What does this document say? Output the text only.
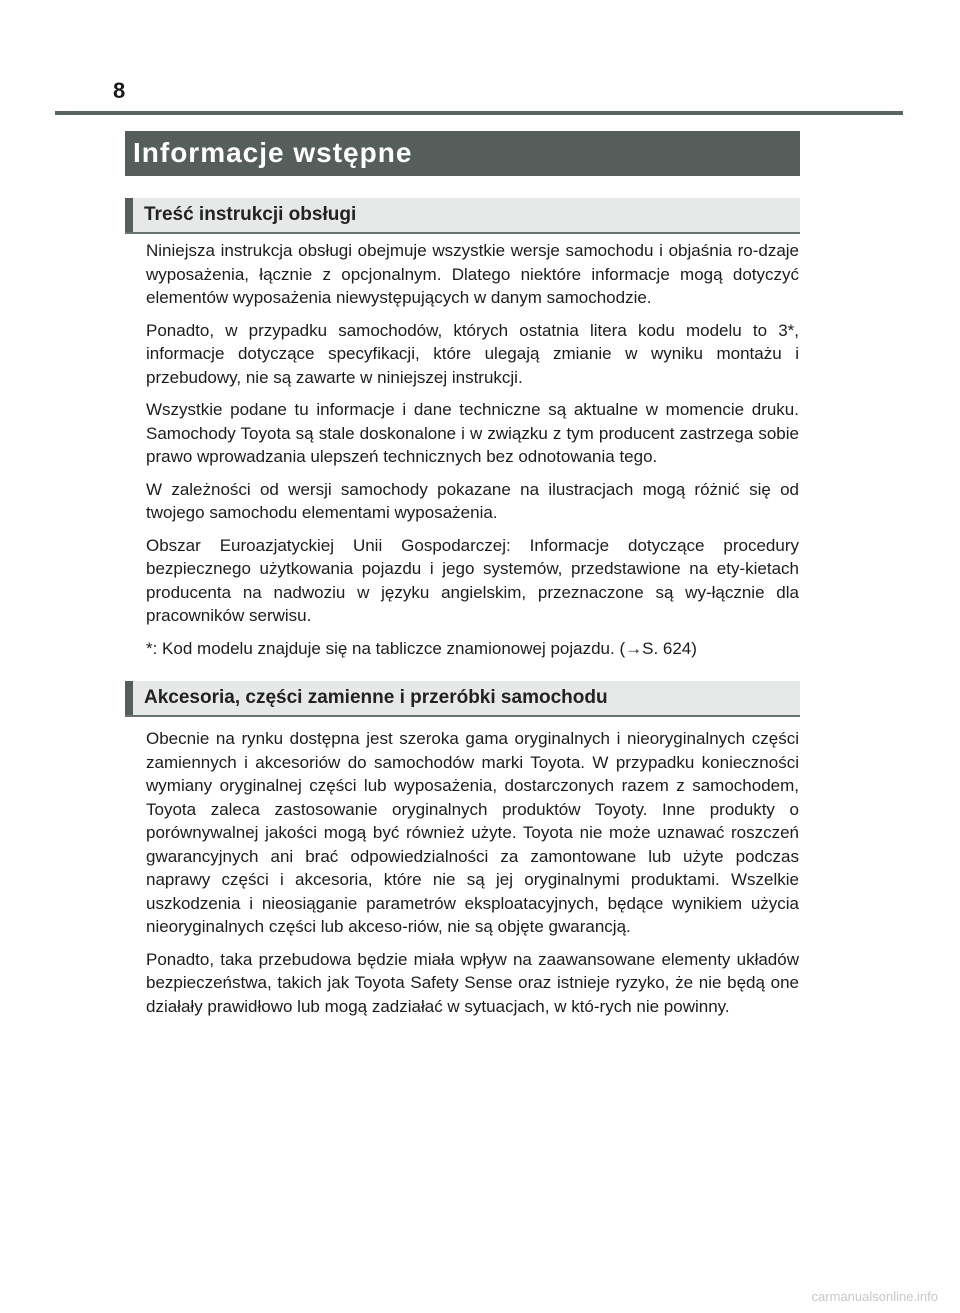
8
Informacje wstępne
Treść instrukcji obsługi

Niniejsza instrukcja obsługi obejmuje wszystkie wersje samochodu i objaśnia ro-dzaje wyposażenia, łącznie z opcjonalnym. Dlatego niektóre informacje mogą dotyczyć elementów wyposażenia niewystępujących w danym samochodzie.

Ponadto, w przypadku samochodów, których ostatnia litera kodu modelu to 3*, informacje dotyczące specyfikacji, które ulegają zmianie w wyniku montażu i przebudowy, nie są zawarte w niniejszej instrukcji.

Wszystkie podane tu informacje i dane techniczne są aktualne w momencie druku. Samochody Toyota są stale doskonalone i w związku z tym producent zastrzega sobie prawo wprowadzania ulepszeń technicznych bez odnotowania tego.

W zależności od wersji samochody pokazane na ilustracjach mogą różnić się od twojego samochodu elementami wyposażenia.

Obszar Euroazjatyckiej Unii Gospodarczej: Informacje dotyczące procedury bezpiecznego użytkowania pojazdu i jego systemów, przedstawione na ety-kietach producenta na nadwoziu w języku angielskim, przeznaczone są wy-łącznie dla pracowników serwisu.

*: Kod modelu znajduje się na tabliczce znamionowej pojazdu. (→S. 624)

Akcesoria, części zamienne i przeróbki samochodu

Obecnie na rynku dostępna jest szeroka gama oryginalnych i nieoryginalnych części zamiennych i akcesoriów do samochodów marki Toyota. W przypadku konieczności wymiany oryginalnej części lub wyposażenia, dostarczonych razem z samochodem, Toyota zaleca zastosowanie oryginalnych produktów Toyoty. Inne produkty o porównywalnej jakości mogą być również użyte. Toyota nie może uznawać roszczeń gwarancyjnych ani brać odpowiedzialności za zamontowane lub użyte podczas naprawy części i akcesoria, które nie są jej oryginalnymi produktami. Wszelkie uszkodzenia i nieosiąganie parametrów eksploatacyjnych, będące wynikiem użycia nieoryginalnych części lub akceso-riów, nie są objęte gwarancją.

Ponadto, taka przebudowa będzie miała wpływ na zaawansowane elementy układów bezpieczeństwa, takich jak Toyota Safety Sense oraz istnieje ryzyko, że nie będą one działały prawidłowo lub mogą zadziałać w sytuacjach, w któ-rych nie powinny.

carmanualsonline.info
